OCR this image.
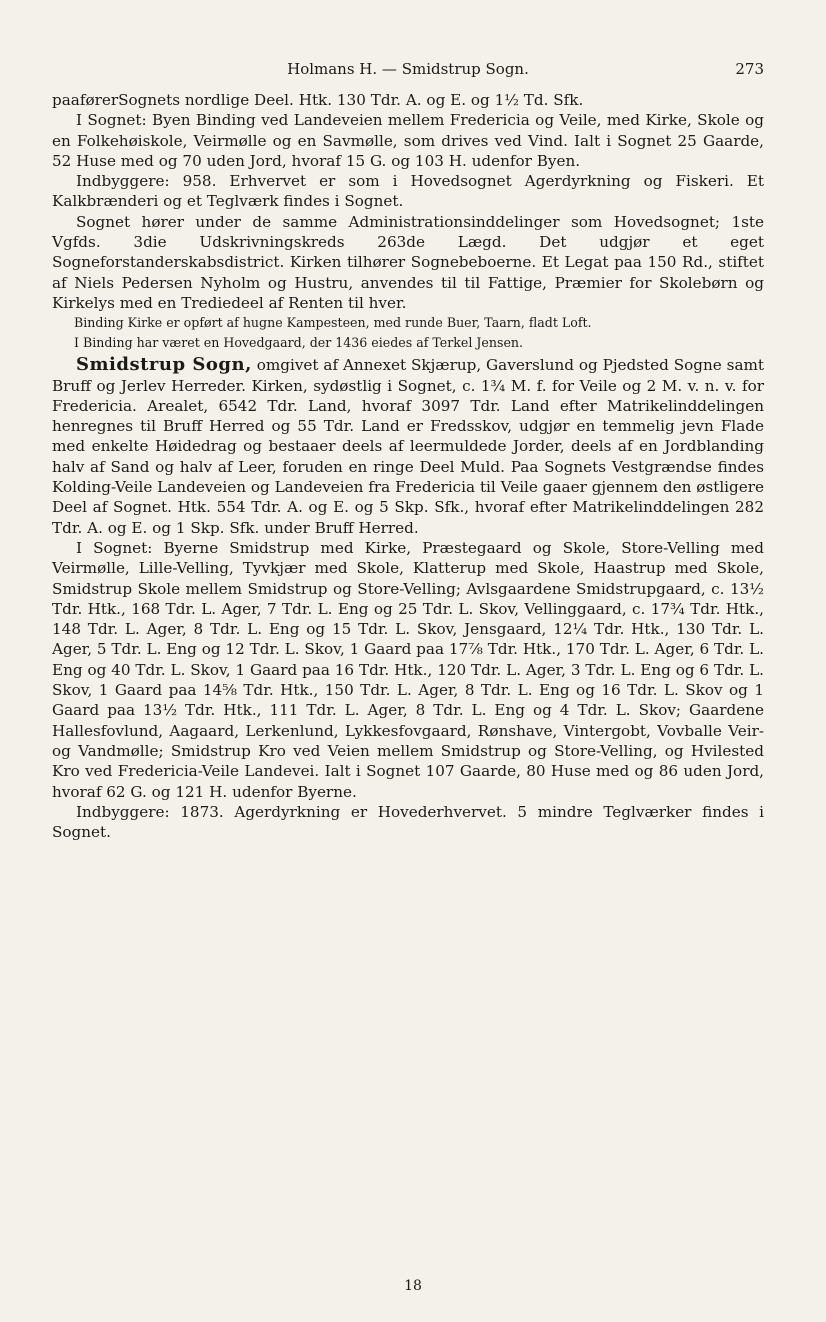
Holmans H. — Smidstrup Sogn.	273

paaførerSognets nordlige Deel. Htk. 130 Tdr. A. og E. og 1½ Td. Sfk.

I Sognet: Byen Binding ved Landeveien mellem Fredericia og Veile, med Kirke, Skole og en Folkehøiskole, Veirmølle og en Savmølle, som drives ved Vind. Ialt i Sognet 25 Gaarde, 52 Huse med og 70 uden Jord, hvoraf 15 G. og 103 H. udenfor Byen.

Indbyggere: 958. Erhvervet er som i Hovedsognet Agerdyrkning og Fiskeri. Et Kalkbrænderi og et Teglværk findes i Sognet.

Sognet hører under de samme Administrationsinddelinger som Hovedsognet; 1ste Vgfds. 3die Udskrivningskreds 263de Lægd. Det udgjør et eget Sogneforstanderskabsdistrict. Kirken tilhører Sognebeboerne. Et Legat paa 150 Rd., stiftet af Niels Pedersen Nyholm og Hustru, anvendes til til Fattige, Præmier for Skolebørn og Kirkelys med en Trediedeel af Renten til hver.

Binding Kirke er opført af hugne Kampesteen, med runde Buer, Taarn, fladt Loft.

I Binding har været en Hovedgaard, der 1436 eiedes af Terkel Jensen.

Smidstrup Sogn, omgivet af Annexet Skjærup, Gaverslund og Pjedsted Sogne samt Bruff og Jerlev Herreder. Kirken, sydøstlig i Sognet, c. 1¾ M. f. for Veile og 2 M. v. n. v. for Fredericia. Arealet, 6542 Tdr. Land, hvoraf 3097 Tdr. Land efter Matrikelinddelingen henregnes til Bruff Herred og 55 Tdr. Land er Fredsskov, udgjør en temmelig jevn Flade med enkelte Høidedrag og bestaaer deels af leermuldede Jorder, deels af en Jordblanding halv af Sand og halv af Leer, foruden en ringe Deel Muld. Paa Sognets Vestgrændse findes Kolding-Veile Landeveien og Landeveien fra Fredericia til Veile gaaer gjennem den østligere Deel af Sognet. Htk. 554 Tdr. A. og E. og 5 Skp. Sfk., hvoraf efter Matrikelinddelingen 282 Tdr. A. og E. og 1 Skp. Sfk. under Bruff Herred.

I Sognet: Byerne Smidstrup med Kirke, Præstegaard og Skole, Store-Velling med Veirmølle, Lille-Velling, Tyvkjær med Skole, Klatterup med Skole, Haastrup med Skole, Smidstrup Skole mellem Smidstrup og Store-Velling; Avlsgaardene Smidstrupgaard, c. 13½ Tdr. Htk., 168 Tdr. L. Ager, 7 Tdr. L. Eng og 25 Tdr. L. Skov, Vellinggaard, c. 17¾ Tdr. Htk., 148 Tdr. L. Ager, 8 Tdr. L. Eng og 15 Tdr. L. Skov, Jensgaard, 12¼ Tdr. Htk., 130 Tdr. L. Ager, 5 Tdr. L. Eng og 12 Tdr. L. Skov, 1 Gaard paa 17⅞ Tdr. Htk., 170 Tdr. L. Ager, 6 Tdr. L. Eng og 40 Tdr. L. Skov, 1 Gaard paa 16 Tdr. Htk., 120 Tdr. L. Ager, 3 Tdr. L. Eng og 6 Tdr. L. Skov, 1 Gaard paa 14⅝ Tdr. Htk., 150 Tdr. L. Ager, 8 Tdr. L. Eng og 16 Tdr. L. Skov og 1 Gaard paa 13½ Tdr. Htk., 111 Tdr. L. Ager, 8 Tdr. L. Eng og 4 Tdr. L. Skov; Gaardene Hallesfovlund, Aagaard, Lerkenlund, Lykkesfovgaard, Rønshave, Vintergobt, Vovballe Veir- og Vandmølle; Smidstrup Kro ved Veien mellem Smidstrup og Store-Velling, og Hvilested Kro ved Fredericia-Veile Landevei. Ialt i Sognet 107 Gaarde, 80 Huse med og 86 uden Jord, hvoraf 62 G. og 121 H. udenfor Byerne.

Indbyggere: 1873. Agerdyrkning er Hovederhvervet. 5 mindre Teglværker findes i Sognet.

18
